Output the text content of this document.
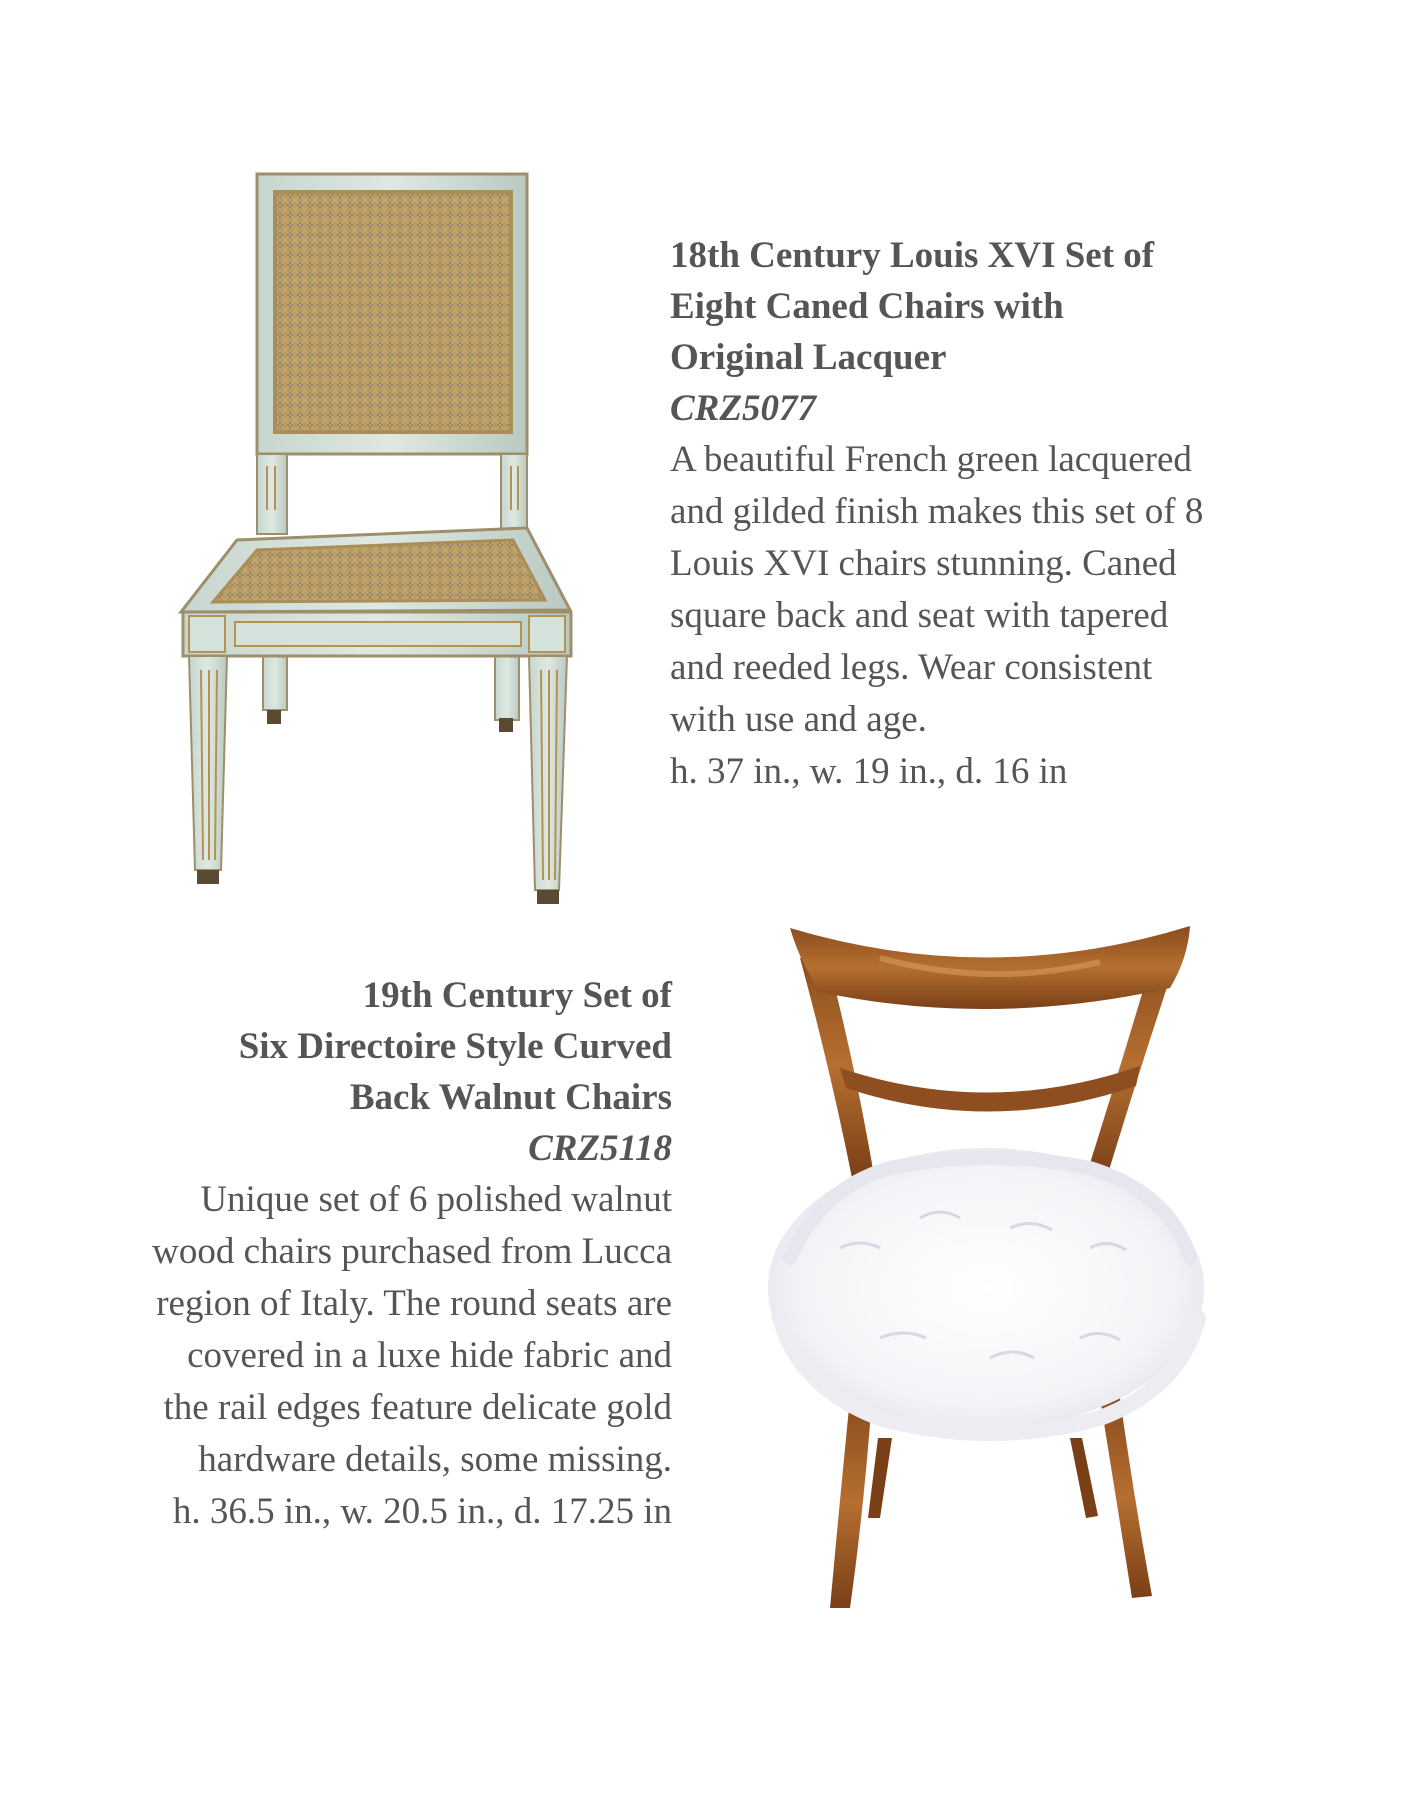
18th Century Louis XVI Set of
Eight Caned Chairs with
Original Lacquer

CRZ5077

A beautiful French green lacquered
and gilded finish makes this set of 8
Louis XVI chairs stunning. Caned
square back and seat with tapered
and reeded legs. Wear consistent
with use and age.

h. 37 in., w. 19 in., d. 16 in

19th Century Set of
Six Directoire Style Curved
Back Walnut Chairs

CRZ5118

Unique set of 6 polished walnut
wood chairs purchased from Lucca
region of Italy. The round seats are
covered in a luxe hide fabric and
the rail edges feature delicate gold
hardware details, some missing.

h. 36.5 in., w. 20.5 in., d. 17.25 in
